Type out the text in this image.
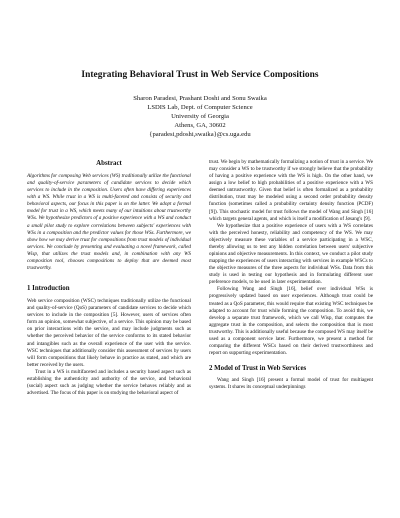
Integrating Behavioral Trust in Web Service Compositions
Sharon Paradesi, Prashant Doshi and Sonu Swaika
LSDIS Lab, Dept. of Computer Science
University of Georgia
Athens, GA, 30602
{paradesi,pdoshi,swaika}@cs.uga.edu
Abstract

Algorithms for composing Web services (WS) traditionally utilize the functional and quality-of-service parameters of candidate services to decide which services to include in the composition. Users often have differing experiences with a WS. While trust in a WS is multi-faceted and consists of security and behavioral aspects, our focus in this paper is on the latter. We adopt a formal model for trust in a WS, which meets many of our intuitions about trustworthy WSs. We hypothesize predictors of a positive experience with a WS and conduct a small pilot study to explore correlations between subjects' experiences with WSs in a composition and the predictor values for those WSs. Furthermore, we show how we may derive trust for compositions from trust models of individual services. We conclude by presenting and evaluating a novel framework, called Wisp, that utilizes the trust models and, in combination with any WS composition tool, chooses compositions to deploy that are deemed most trustworthy.

1 Introduction

Web service composition (WSC) techniques traditionally utilize the functional and quality-of-service (QoS) parameters of candidate services to decide which services to include in the composition [5]. However, users of services often form an opinion, somewhat subjective, of a service. This opinion may be based on prior interactions with the service, and may include judgments such as whether the perceived behavior of the service conforms to its stated behavior and intangibles such as the overall experience of the user with the service. WSC techniques that additionally consider this assessment of services by users will form compositions that likely behave in practice as stated, and which are better received by the users.

Trust in a WS is multifaceted and includes a security based aspect such as establishing the authenticity and authority of the service, and behavioral (social) aspect such as judging whether the service behaves reliably and as advertised. The focus of this paper is on studying the behavioral aspect of

trust. We begin by mathematically formalizing a notion of trust in a service. We may consider a WS to be trustworthy if we strongly believe that the probability of having a positive experience with the WS is high. On the other hand, we assign a low belief to high probabilities of a positive experience with a WS deemed untrustworthy. Given that belief is often formalized as a probability distribution, trust may be modeled using a second order probability density function (sometimes called a probability certainty density function (PCDF) [9]). This stochastic model for trust follows the model of Wang and Singh [16] which targets general agents, and which is itself a modification of Jøsang's [9].

We hypothesize that a positive experience of users with a WS correlates with the perceived honesty, reliability and competency of the WS. We may objectively measure these variables of a service participating in a WSC, thereby allowing us to test any hidden correlation between users' subjective opinions and objective measurements. In this context, we conduct a pilot study mapping the experiences of users interacting with services in example WSCs to the objective measures of the three aspects for individual WSs. Data from this study is used in testing our hypothesis and in formulating different user preference models, to be used in later experimentation.

Following Wang and Singh [16], belief over individual WSs is progressively updated based on user experiences. Although trust could be treated as a QoS parameter, this would require that existing WSC techniques be adapted to account for trust while forming the composition. To avoid this, we develop a separate trust framework, which we call Wisp, that computes the aggregate trust in the composition, and selects the composition that is most trustworthy. This is additionally useful because the composed WS may itself be used as a component service later. Furthermore, we present a method for comparing the different WSCs based on their derived trustworthiness and report on supporting experimentation.

2 Model of Trust in Web Services

Wang and Singh [16] present a formal model of trust for multiagent systems. It shares its conceptual underpinnings
